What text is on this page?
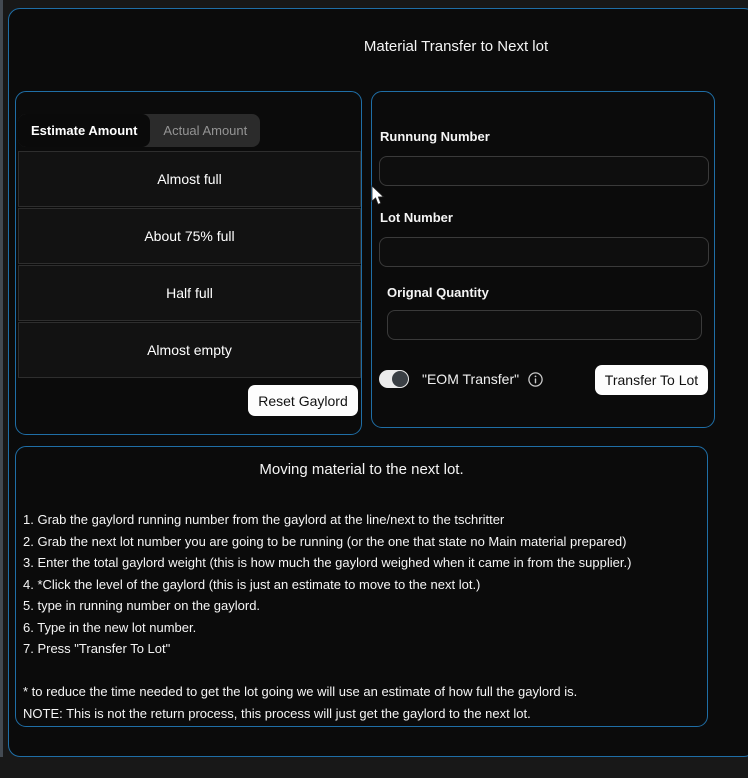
Material Transfer to Next lot
Estimate Amount	Actual Amount
Almost full
About 75% full
Half full
Almost empty
Reset Gaylord
Runnung Number
Lot Number
Orignal Quantity
"EOM Transfer"	Transfer To Lot
Moving material to the next lot.
1. Grab the gaylord running number from the gaylord at the line/next to the tschritter
2. Grab the next lot number you are going to be running (or the one that state no Main material prepared)
3. Enter the total gaylord weight (this is how much the gaylord weighed when it came in from the supplier.)
4. *Click the level of the gaylord (this is just an estimate to move to the next lot.)
5. type in running number on the gaylord.
6. Type in the new lot number.
7. Press "Transfer To Lot"
* to reduce the time needed to get the lot going we will use an estimate of how full the gaylord is.
NOTE: This is not the return process, this process will just get the gaylord to the next lot.
